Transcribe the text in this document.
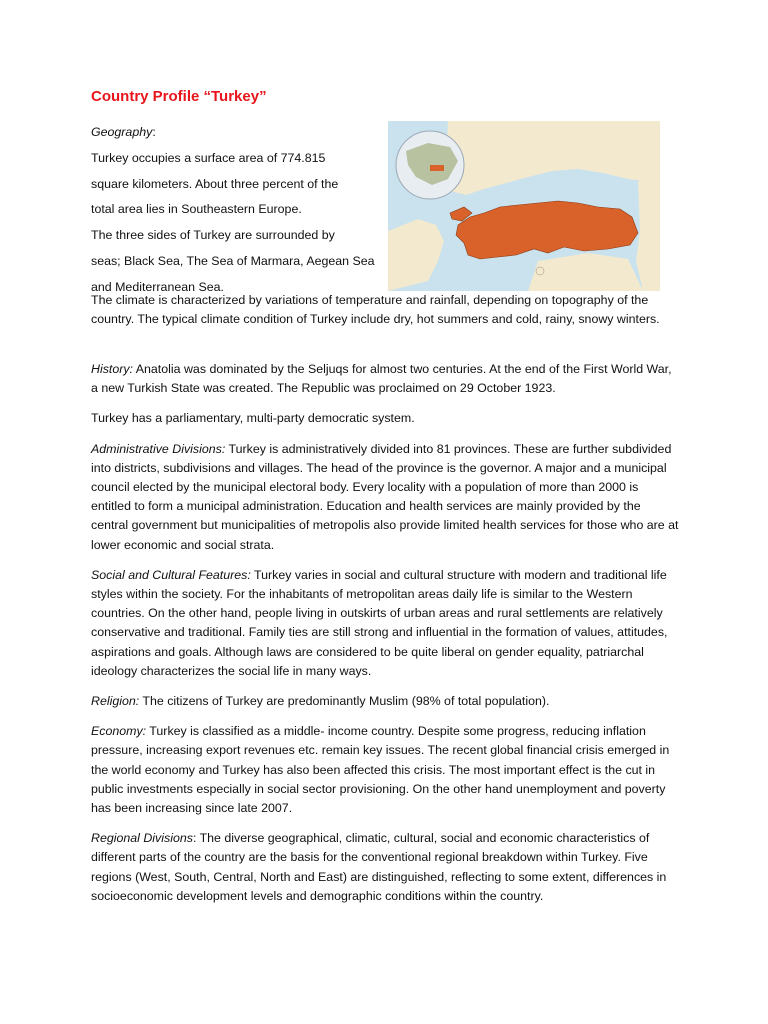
Country Profile “Turkey”

Geography:

Turkey occupies a surface area of 774.815

square kilometers. About three percent of the

total area lies in Southeastern Europe.

The three sides of Turkey are surrounded by

seas; Black Sea, The Sea of Marmara, Aegean Sea

and Mediterranean Sea.

The climate is characterized by variations of temperature and rainfall, depending on topography of the country. The typical climate condition of Turkey include dry, hot summers and cold, rainy, snowy winters.

History: Anatolia was dominated by the Seljuqs for almost two centuries. At the end of the First World War, a new Turkish State was created. The Republic was proclaimed on 29 October 1923.

Turkey has a parliamentary, multi-party democratic system.

Administrative Divisions: Turkey is administratively divided into 81 provinces. These are further subdivided into districts, subdivisions and villages. The head of the province is the governor. A major and a municipal council elected by the municipal electoral body. Every locality with a population of more than 2000 is entitled to form a municipal administration. Education and health services are mainly provided by the central government but municipalities of metropolis also provide limited health services for those who are at lower economic and social strata.

Social and Cultural Features: Turkey varies in social and cultural structure with modern and traditional life styles within the society. For the inhabitants of metropolitan areas daily life is similar to the Western countries. On the other hand, people living in outskirts of urban areas and rural settlements are relatively conservative and traditional. Family ties are still strong and influential in the formation of values, attitudes, aspirations and goals. Although laws are considered to be quite liberal on gender equality, patriarchal ideology characterizes the social life in many ways.

Religion: The citizens of Turkey are predominantly Muslim (98% of total population).

Economy: Turkey is classified as a middle- income country. Despite some progress, reducing inflation pressure, increasing export revenues etc. remain key issues. The recent global financial crisis emerged in the world economy and Turkey has also been affected this crisis. The most important effect is the cut in public investments especially in social sector provisioning. On the other hand unemployment and poverty has been increasing since late 2007.

Regional Divisions: The diverse geographical, climatic, cultural, social and economic characteristics of different parts of the country are the basis for the conventional regional breakdown within Turkey. Five regions (West, South, Central, North and East) are distinguished, reflecting to some extent, differences in socioeconomic development levels and demographic conditions within the country.
